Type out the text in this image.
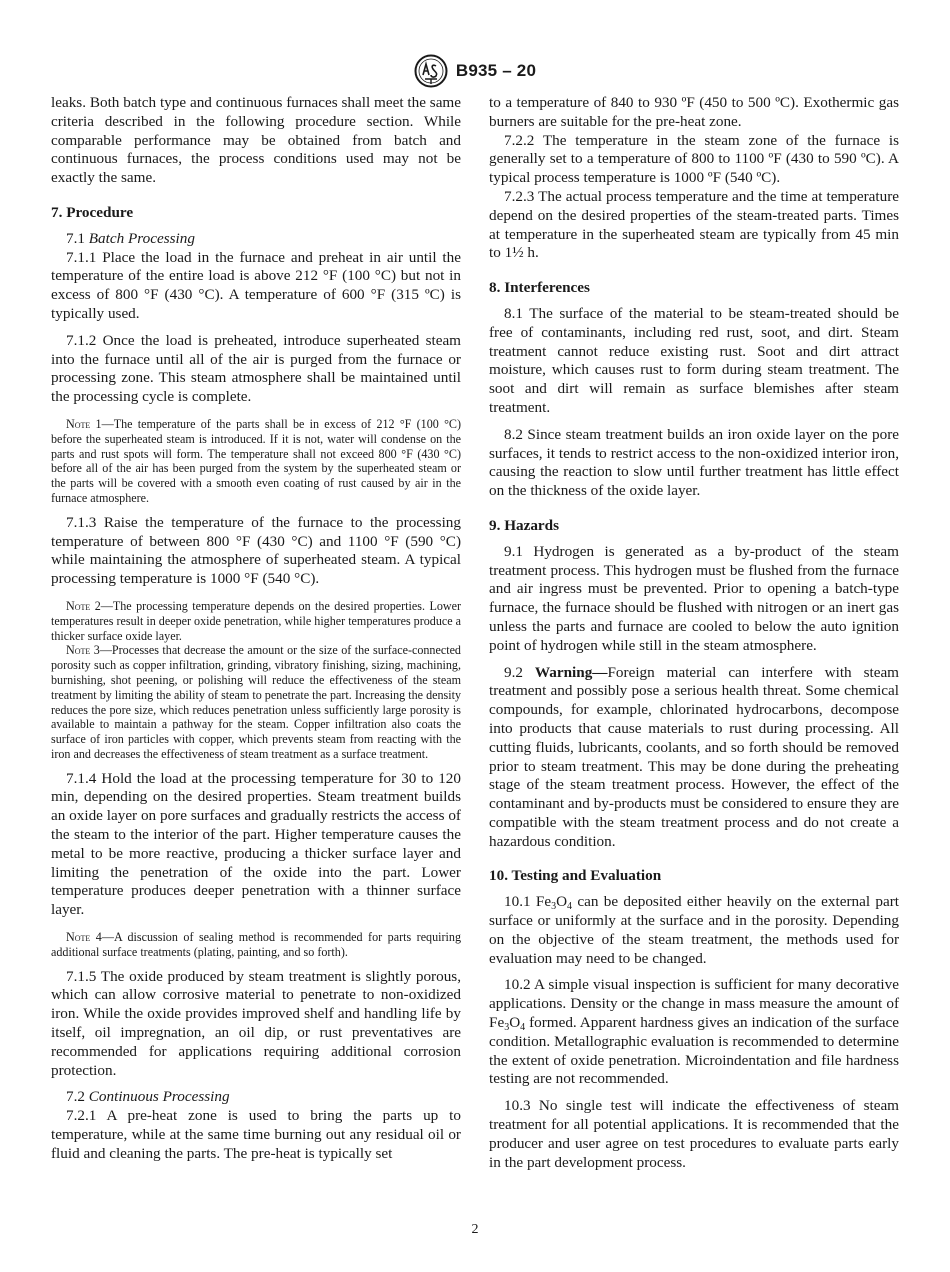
B935 – 20

leaks. Both batch type and continuous furnaces shall meet the same criteria described in the following procedure section. While comparable performance may be obtained from batch and continuous furnaces, the process conditions used may not be exactly the same.

7. Procedure

7.1 Batch Processing

7.1.1 Place the load in the furnace and preheat in air until the temperature of the entire load is above 212 °F (100 °C) but not in excess of 800 °F (430 °C). A temperature of 600 °F (315 ºC) is typically used.

7.1.2 Once the load is preheated, introduce superheated steam into the furnace until all of the air is purged from the furnace or processing zone. This steam atmosphere shall be maintained until the processing cycle is complete.

Note 1—The temperature of the parts shall be in excess of 212 °F (100 °C) before the superheated steam is introduced. If it is not, water will condense on the parts and rust spots will form. The temperature shall not exceed 800 °F (430 °C) before all of the air has been purged from the system by the superheated steam or the parts will be covered with a smooth even coating of rust caused by air in the furnace atmosphere.

7.1.3 Raise the temperature of the furnace to the processing temperature of between 800 °F (430 °C) and 1100 °F (590 °C) while maintaining the atmosphere of superheated steam. A typical processing temperature is 1000 °F (540 °C).

Note 2—The processing temperature depends on the desired properties. Lower temperatures result in deeper oxide penetration, while higher temperatures produce a thicker surface oxide layer.

Note 3—Processes that decrease the amount or the size of the surface-connected porosity such as copper infiltration, grinding, vibratory finishing, sizing, machining, burnishing, shot peening, or polishing will reduce the effectiveness of the steam treatment by limiting the ability of steam to penetrate the part. Increasing the density reduces the pore size, which reduces penetration unless sufficiently large porosity is available to maintain a pathway for the steam. Copper infiltration also coats the surface of iron particles with copper, which prevents steam from reacting with the iron and decreases the effectiveness of steam treatment as a surface treatment.

7.1.4 Hold the load at the processing temperature for 30 to 120 min, depending on the desired properties. Steam treatment builds an oxide layer on pore surfaces and gradually restricts the access of the steam to the interior of the part. Higher temperature causes the metal to be more reactive, producing a thicker surface layer and limiting the penetration of the oxide into the part. Lower temperature produces deeper penetration with a thinner surface layer.

Note 4—A discussion of sealing method is recommended for parts requiring additional surface treatments (plating, painting, and so forth).

7.1.5 The oxide produced by steam treatment is slightly porous, which can allow corrosive material to penetrate to non-oxidized iron. While the oxide provides improved shelf and handling life by itself, oil impregnation, an oil dip, or rust preventatives are recommended for applications requiring additional corrosion protection.

7.2 Continuous Processing

7.2.1 A pre-heat zone is used to bring the parts up to temperature, while at the same time burning out any residual oil or fluid and cleaning the parts. The pre-heat is typically set

to a temperature of 840 to 930 ºF (450 to 500 ºC). Exothermic gas burners are suitable for the pre-heat zone.

7.2.2 The temperature in the steam zone of the furnace is generally set to a temperature of 800 to 1100 ºF (430 to 590 ºC). A typical process temperature is 1000 ºF (540 ºC).

7.2.3 The actual process temperature and the time at temperature depend on the desired properties of the steam-treated parts. Times at temperature in the superheated steam are typically from 45 min to 1½ h.

8. Interferences

8.1 The surface of the material to be steam-treated should be free of contaminants, including red rust, soot, and dirt. Steam treatment cannot reduce existing rust. Soot and dirt attract moisture, which causes rust to form during steam treatment. The soot and dirt will remain as surface blemishes after steam treatment.

8.2 Since steam treatment builds an iron oxide layer on the pore surfaces, it tends to restrict access to the non-oxidized interior iron, causing the reaction to slow until further treatment has little effect on the thickness of the oxide layer.

9. Hazards

9.1 Hydrogen is generated as a by-product of the steam treatment process. This hydrogen must be flushed from the furnace and air ingress must be prevented. Prior to opening a batch-type furnace, the furnace should be flushed with nitrogen or an inert gas unless the parts and furnace are cooled to below the auto ignition point of hydrogen while still in the steam atmosphere.

9.2 Warning—Foreign material can interfere with steam treatment and possibly pose a serious health threat. Some chemical compounds, for example, chlorinated hydrocarbons, decompose into products that cause materials to rust during processing. All cutting fluids, lubricants, coolants, and so forth should be removed prior to steam treatment. This may be done during the preheating stage of the steam treatment process. However, the effect of the contaminant and by-products must be considered to ensure they are compatible with the steam treatment process and do not create a hazardous condition.

10. Testing and Evaluation

10.1 $Fe_3O_4$ can be deposited either heavily on the external part surface or uniformly at the surface and in the porosity. Depending on the objective of the steam treatment, the methods used for evaluation may need to be changed.

10.2 A simple visual inspection is sufficient for many decorative applications. Density or the change in mass measure the amount of $Fe_3O_4$ formed. Apparent hardness gives an indication of the surface condition. Metallographic evaluation is recommended to determine the extent of oxide penetration. Microindentation and file hardness testing are not recommended.

10.3 No single test will indicate the effectiveness of steam treatment for all potential applications. It is recommended that the producer and user agree on test procedures to evaluate parts early in the part development process.

2
